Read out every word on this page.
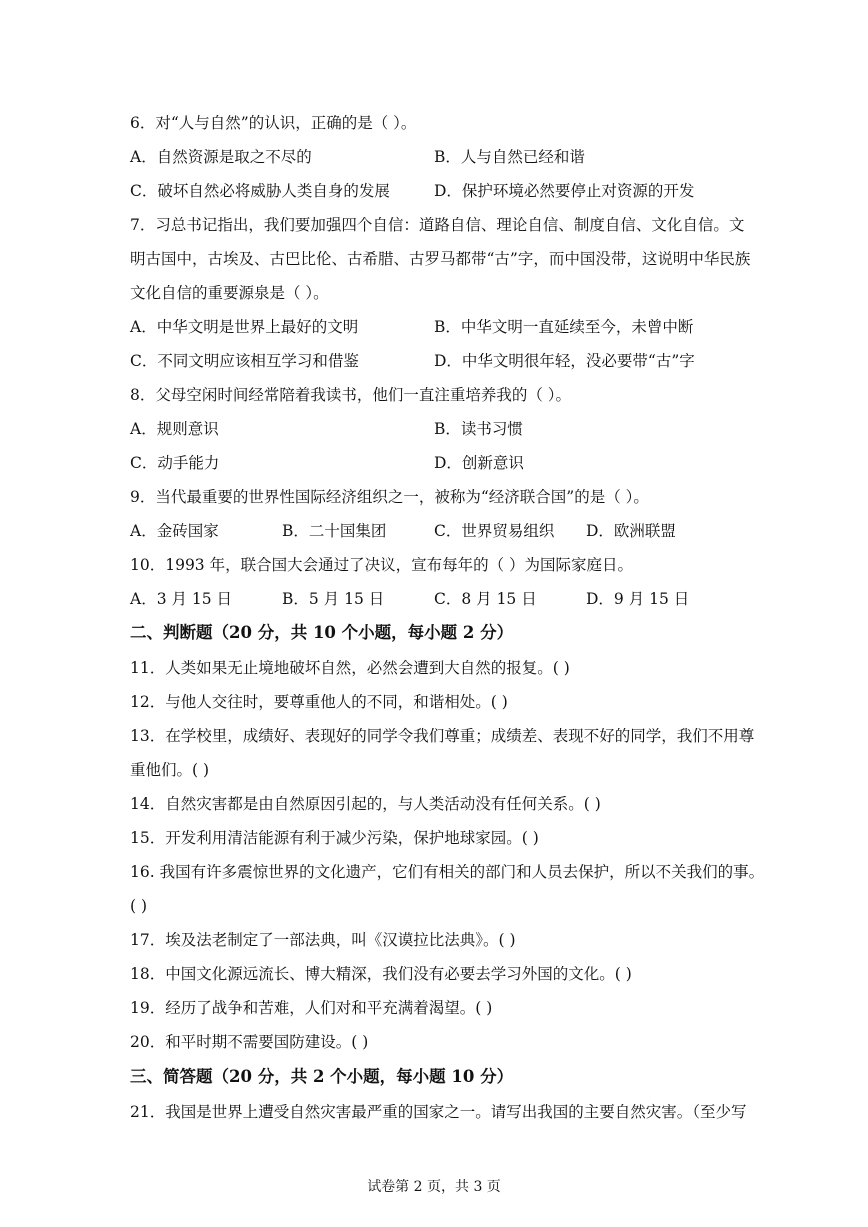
6．对“人与自然”的认识，正确的是（ ）。
A．自然资源是取之不尽的	B．人与自然已经和谐
C．破坏自然必将威胁人类自身的发展	D．保护环境必然要停止对资源的开发
7．习总书记指出，我们要加强四个自信：道路自信、理论自信、制度自信、文化自信。文
明古国中，古埃及、古巴比伦、古希腊、古罗马都带“古”字，而中国没带，这说明中华民族
文化自信的重要源泉是（ ）。
A．中华文明是世界上最好的文明	B．中华文明一直延续至今，未曾中断
C．不同文明应该相互学习和借鉴	D．中华文明很年轻，没必要带“古”字
8．父母空闲时间经常陪着我读书，他们一直注重培养我的（ ）。
A．规则意识	B．读书习惯
C．动手能力	D．创新意识
9．当代最重要的世界性国际经济组织之一，被称为“经济联合国”的是（ ）。
A．金砖国家	B．二十国集团	C．世界贸易组织 D．欧洲联盟
10．1993 年，联合国大会通过了决议，宣布每年的（ ）为国际家庭日。
A．3 月 15 日	B．5 月 15 日	C．8 月 15 日	D．9 月 15 日
二、判断题（20 分，共 10 个小题，每小题 2 分）
11．人类如果无止境地破坏自然，必然会遭到大自然的报复。( )
12．与他人交往时，要尊重他人的不同，和谐相处。( )
13．在学校里，成绩好、表现好的同学令我们尊重；成绩差、表现不好的同学，我们不用尊
重他们。( )
14．自然灾害都是由自然原因引起的，与人类活动没有任何关系。( )
15．开发利用清洁能源有利于减少污染，保护地球家园。( )
16. 我国有许多震惊世界的文化遗产，它们有相关的部门和人员去保护，所以不关我们的事。
( )
17．埃及法老制定了一部法典，叫《汉谟拉比法典》。( )
18．中国文化源远流长、博大精深，我们没有必要去学习外国的文化。( )
19．经历了战争和苦难，人们对和平充满着渴望。( )
20．和平时期不需要国防建设。( )
三、简答题（20 分，共 2 个小题，每小题 10 分）
21．我国是世界上遭受自然灾害最严重的国家之一。请写出我国的主要自然灾害。（至少写
试卷第 2 页，共 3 页
